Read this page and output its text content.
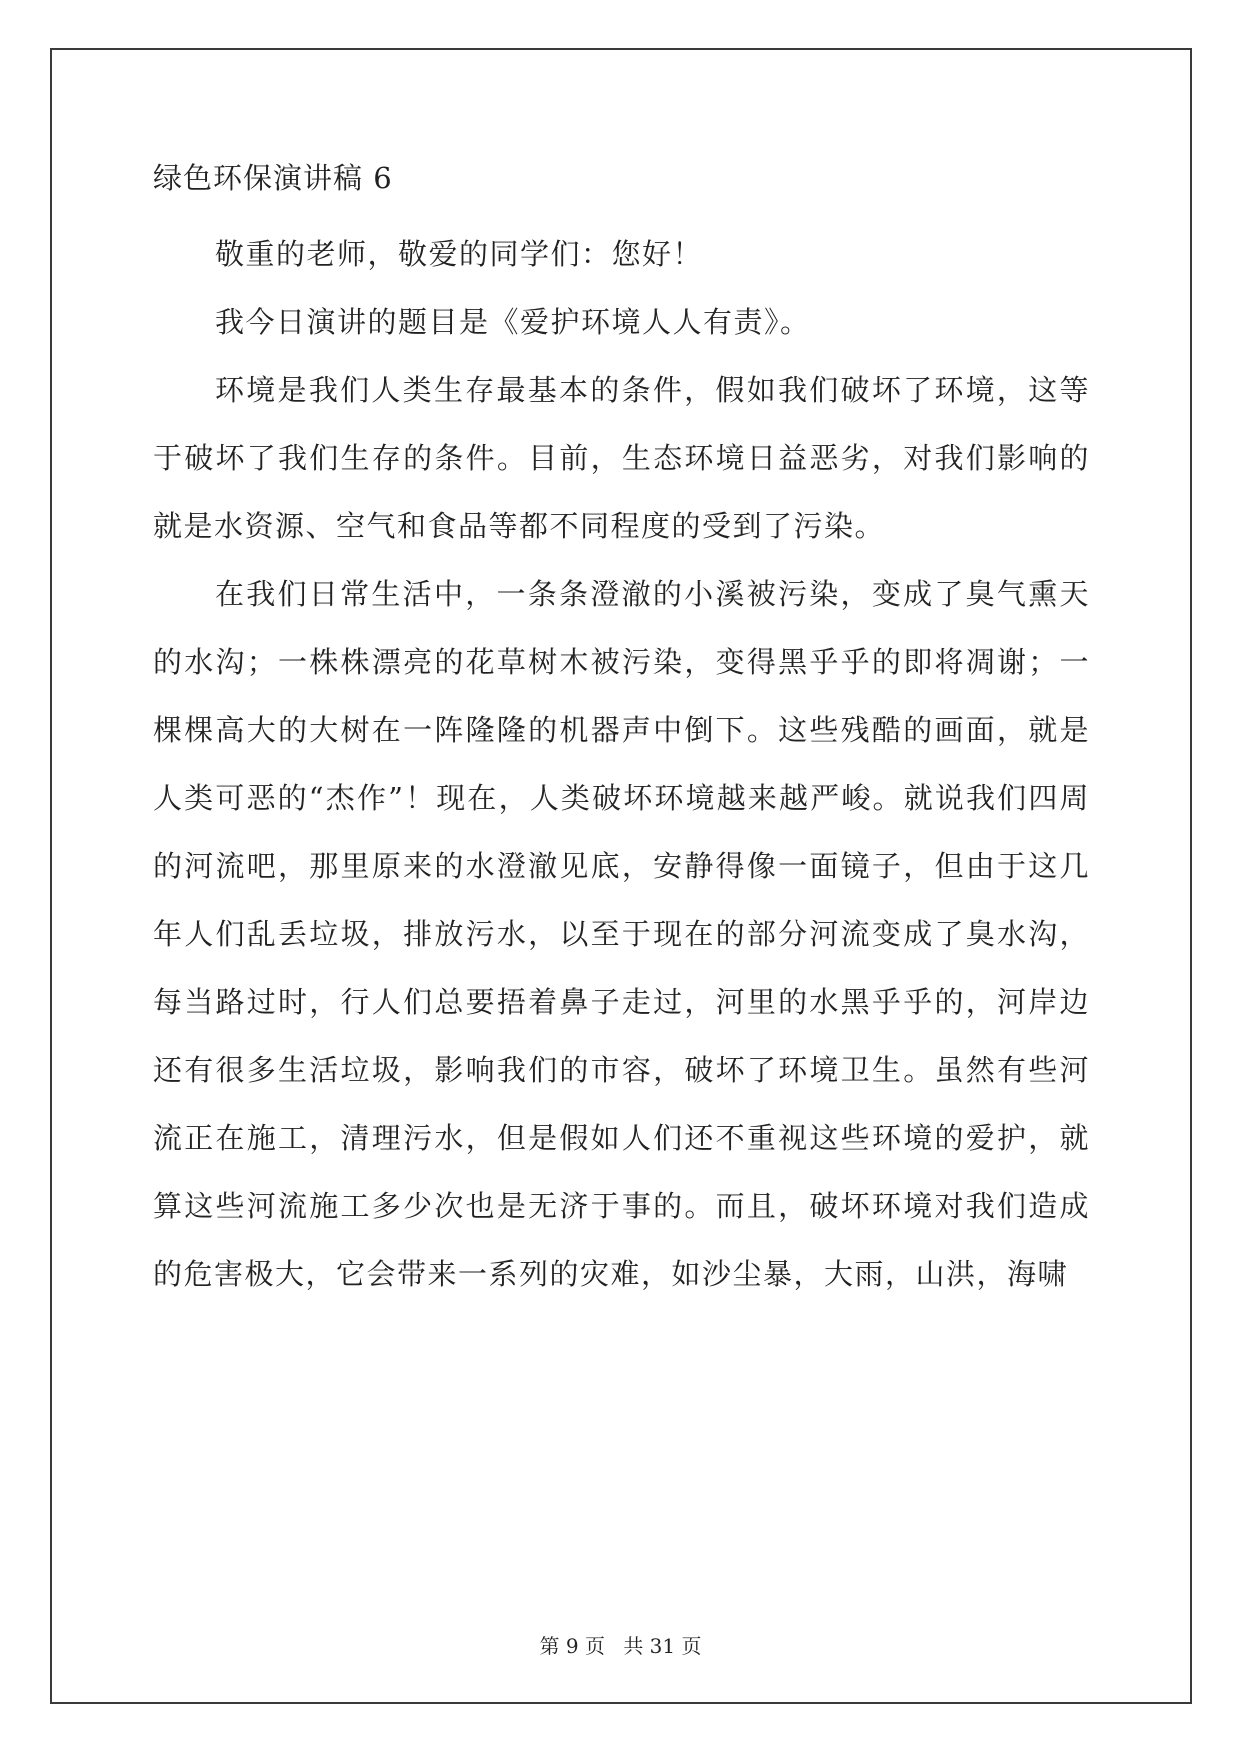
绿色环保演讲稿 6

敬重的老师，敬爱的同学们：您好！

我今日演讲的题目是《爱护环境人人有责》。

环境是我们人类生存最基本的条件，假如我们破坏了环境，这等于破坏了我们生存的条件。目前，生态环境日益恶劣，对我们影响的就是水资源、空气和食品等都不同程度的受到了污染。

在我们日常生活中，一条条澄澈的小溪被污染，变成了臭气熏天的水沟；一株株漂亮的花草树木被污染，变得黑乎乎的即将凋谢；一棵棵高大的大树在一阵隆隆的机器声中倒下。这些残酷的画面，就是人类可恶的“杰作”！现在，人类破坏环境越来越严峻。就说我们四周的河流吧，那里原来的水澄澈见底，安静得像一面镜子，但由于这几年人们乱丢垃圾，排放污水，以至于现在的部分河流变成了臭水沟，每当路过时，行人们总要捂着鼻子走过，河里的水黑乎乎的，河岸边还有很多生活垃圾，影响我们的市容，破坏了环境卫生。虽然有些河流正在施工，清理污水，但是假如人们还不重视这些环境的爱护，就算这些河流施工多少次也是无济于事的。而且，破坏环境对我们造成的危害极大，它会带来一系列的灾难，如沙尘暴，大雨，山洪，海啸

第 9 页 共 31 页
